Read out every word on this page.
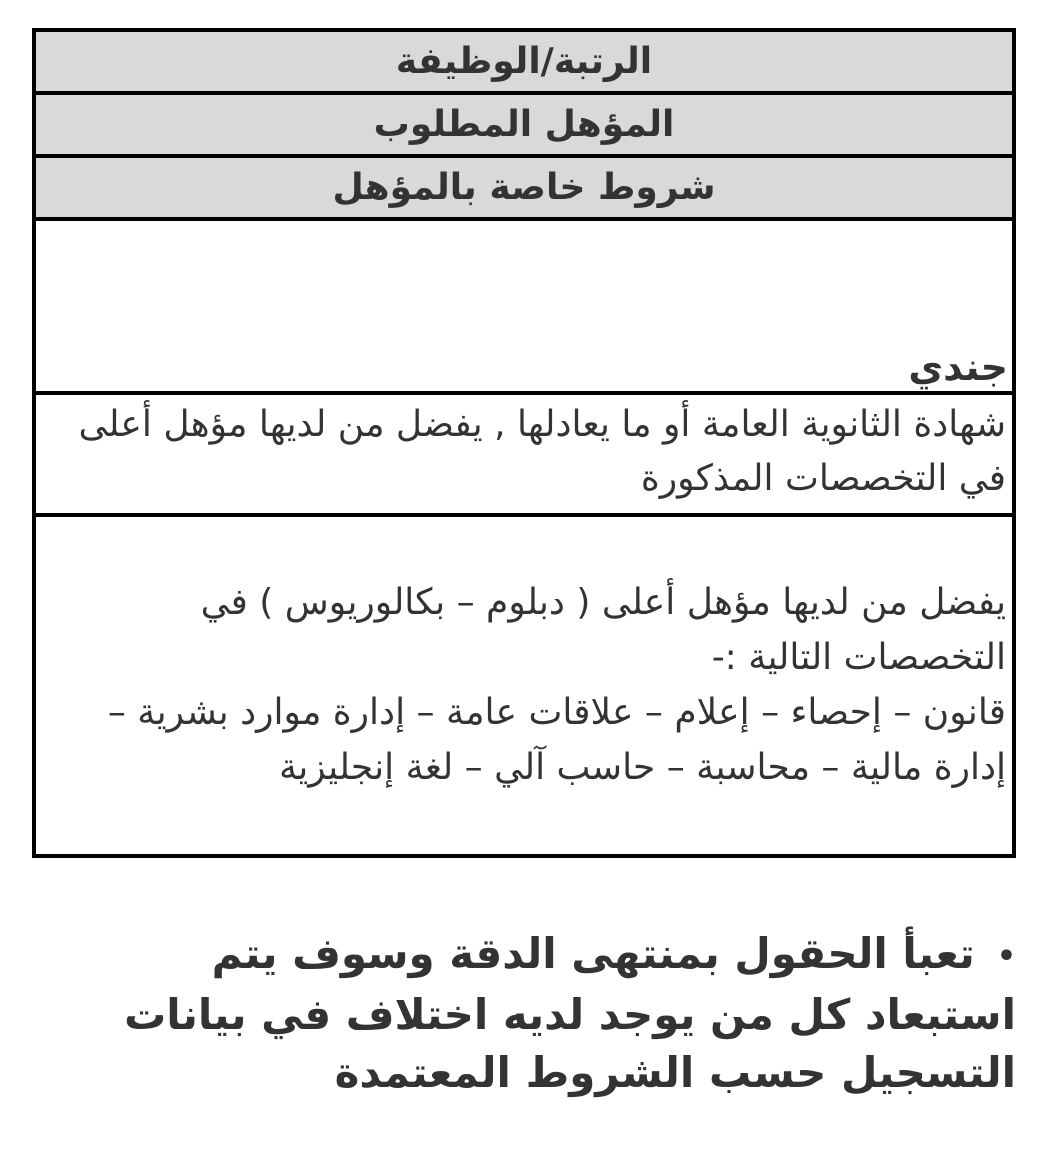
الرتبة/الوظيفة
المؤهل المطلوب
شروط خاصة بالمؤهل
جندي
شهادة الثانوية العامة أو ما يعادلها , يفضل من لديها مؤهل أعلى في التخصصات المذكورة

يفضل من لديها مؤهل أعلى ( دبلوم – بكالوريوس ) في التخصصات التالية :-

قانون – إحصاء – إعلام – علاقات عامة – إدارة موارد بشرية – إدارة مالية – محاسبة – حاسب آلي – لغة إنجليزية

•تعبأ الحقول بمنتهى الدقة وسوف يتم استبعاد كل من يوجد لديه اختلاف في بيانات التسجيل حسب الشروط المعتمدة
